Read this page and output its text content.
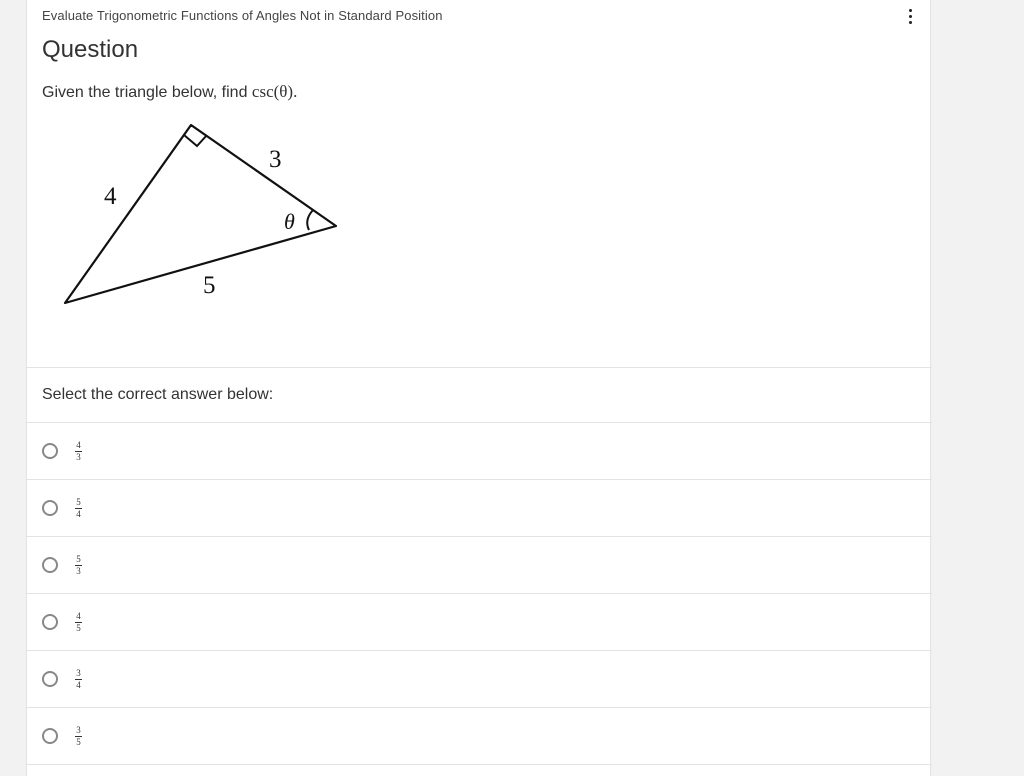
Evaluate Trigonometric Functions of Angles Not in Standard Position
Question
Given the triangle below, find csc(θ).
4
3
5
θ
Select the correct answer below:
$\frac{4}{3}$
$\frac{5}{4}$
$\frac{5}{3}$
$\frac{4}{5}$
$\frac{3}{4}$
$\frac{3}{5}$
